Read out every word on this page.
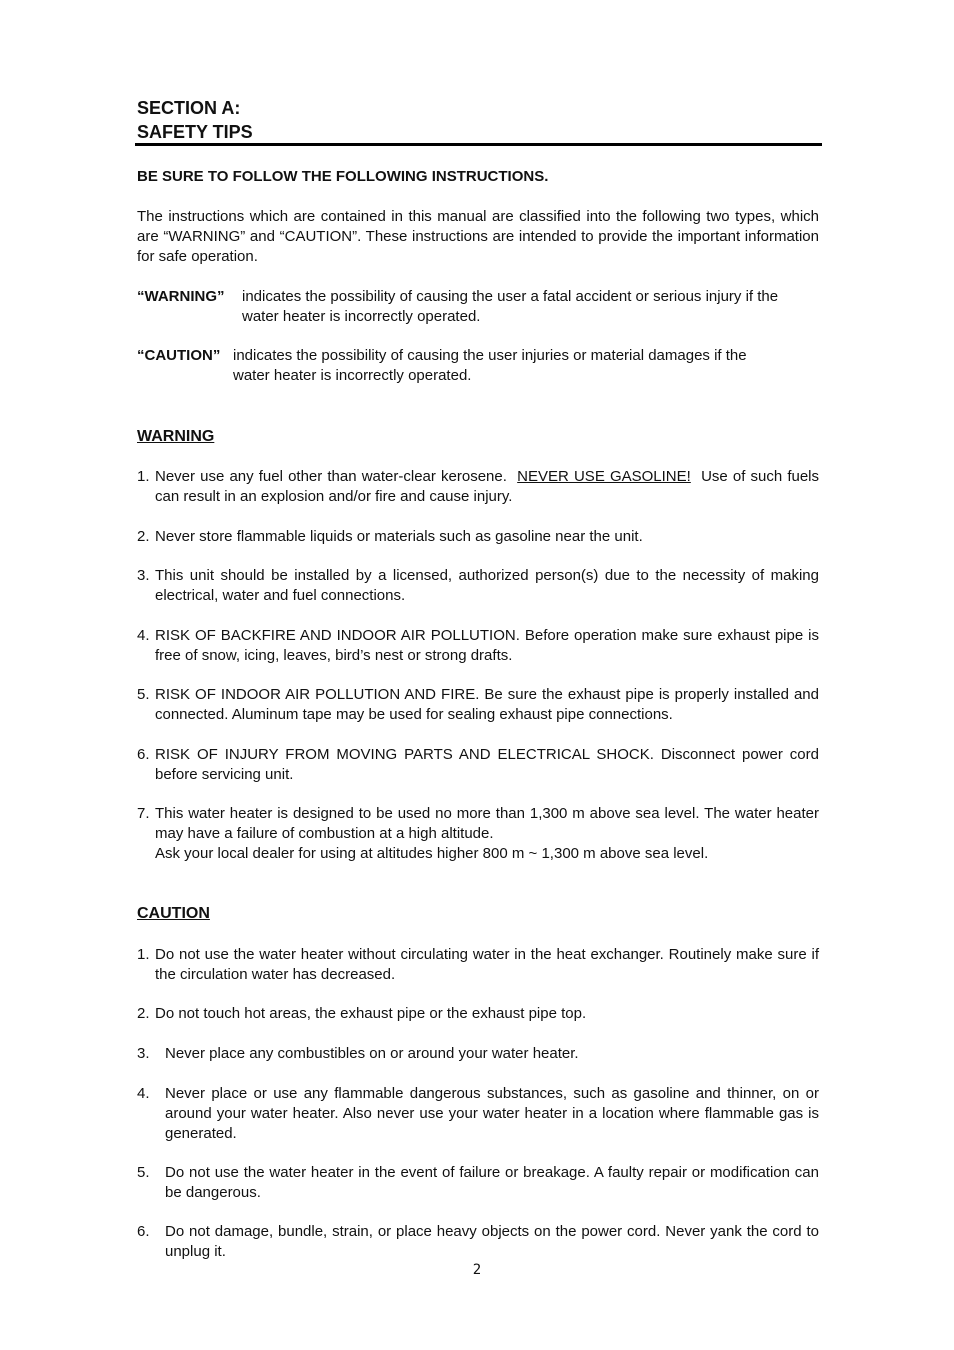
SECTION A:
SAFETY TIPS
BE SURE TO FOLLOW THE FOLLOWING INSTRUCTIONS.
The instructions which are contained in this manual are classified into the following two types, which are “WARNING” and “CAUTION”. These instructions are intended to provide the important information for safe operation.
“WARNING” indicates the possibility of causing the user a fatal accident or serious injury if the
water heater is incorrectly operated.
“CAUTION” indicates the possibility of causing the user injuries or material damages if the
water heater is incorrectly operated.
WARNING
1. Never use any fuel other than water-clear kerosene. NEVER USE GASOLINE! Use of such fuels can result in an explosion and/or fire and cause injury.
2. Never store flammable liquids or materials such as gasoline near the unit.
3. This unit should be installed by a licensed, authorized person(s) due to the necessity of making electrical, water and fuel connections.
4. RISK OF BACKFIRE AND INDOOR AIR POLLUTION. Before operation make sure exhaust pipe is free of snow, icing, leaves, bird’s nest or strong drafts.
5. RISK OF INDOOR AIR POLLUTION AND FIRE. Be sure the exhaust pipe is properly installed and connected. Aluminum tape may be used for sealing exhaust pipe connections.
6. RISK OF INJURY FROM MOVING PARTS AND ELECTRICAL SHOCK. Disconnect power cord before servicing unit.
7. This water heater is designed to be used no more than 1,300 m above sea level. The water heater may have a failure of combustion at a high altitude.
Ask your local dealer for using at altitudes higher 800 m ~ 1,300 m above sea level.
CAUTION
1. Do not use the water heater without circulating water in the heat exchanger. Routinely make sure if the circulation water has decreased.
2. Do not touch hot areas, the exhaust pipe or the exhaust pipe top.
3. Never place any combustibles on or around your water heater.
4. Never place or use any flammable dangerous substances, such as gasoline and thinner, on or around your water heater. Also never use your water heater in a location where flammable gas is generated.
5. Do not use the water heater in the event of failure or breakage. A faulty repair or modification can be dangerous.
6. Do not damage, bundle, strain, or place heavy objects on the power cord. Never yank the cord to unplug it.
2
